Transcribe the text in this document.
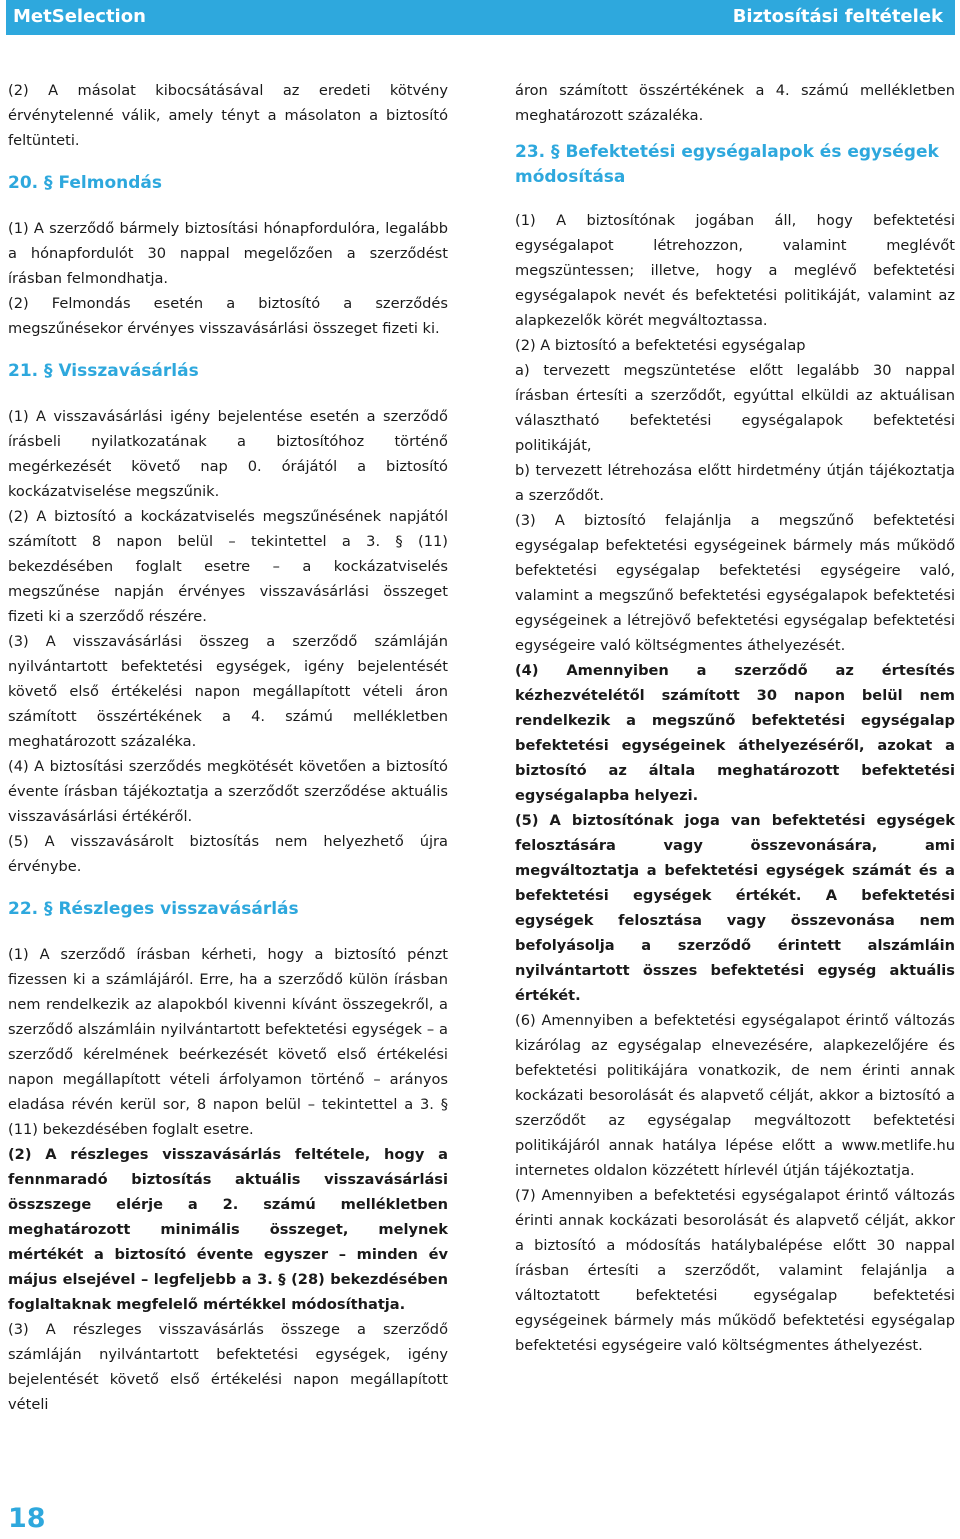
MetSelection	Biztosítási feltételek

(2) A másolat kibocsátásával az eredeti kötvény érvénytelenné válik, amely tényt a másolaton a biztosító feltünteti.

20. § Felmondás

(1) A szerződő bármely biztosítási hónapfordulóra, legalább a hónapfordulót 30 nappal megelőzően a szerződést írásban felmondhatja.

(2) Felmondás esetén a biztosító a szerződés megszűnésekor érvényes visszavásárlási összeget fizeti ki.

21. § Visszavásárlás

(1) A visszavásárlási igény bejelentése esetén a szerződő írásbeli nyilatkozatának a biztosítóhoz történő megérkezését követő nap 0. órájától a biztosító kockázatviselése megszűnik.

(2) A biztosító a kockázatviselés megszűnésének napjától számított 8 napon belül – tekintettel a 3. § (11) bekezdésében foglalt esetre – a kockázatviselés megszűnése napján érvényes visszavásárlási összeget fizeti ki a szerződő részére.

(3) A visszavásárlási összeg a szerződő számláján nyilvántartott befektetési egységek, igény bejelentését követő első értékelési napon megállapított vételi áron számított összértékének a 4. számú mellékletben meghatározott százaléka.

(4) A biztosítási szerződés megkötését követően a biztosító évente írásban tájékoztatja a szerződőt szerződése aktuális visszavásárlási értékéről.

(5) A visszavásárolt biztosítás nem helyezhető újra érvénybe.

22. § Részleges visszavásárlás

(1) A szerződő írásban kérheti, hogy a biztosító pénzt fizessen ki a számlájáról. Erre, ha a szerződő külön írásban nem rendelkezik az alapokból kivenni kívánt összegekről, a szerződő alszámláin nyilvántartott befektetési egységek – a szerződő kérelmének beérkezését követő első értékelési napon megállapított vételi árfolyamon történő – arányos eladása révén kerül sor, 8 napon belül – tekintettel a 3. § (11) bekezdésében foglalt esetre.

(2) A részleges visszavásárlás feltétele, hogy a fennmaradó biztosítás aktuális visszavásárlási összszege elérje a 2. számú mellékletben meghatározott minimális összeget, melynek mértékét a biztosító évente egyszer – minden év május elsejével – legfeljebb a 3. § (28) bekezdésében foglaltaknak megfelelő mértékkel módosíthatja.

(3) A részleges visszavásárlás összege a szerződő számláján nyilvántartott befektetési egységek, igény bejelentését követő első értékelési napon megállapított vételi

áron számított összértékének a 4. számú mellékletben meghatározott százaléka.

23. § Befektetési egységalapok és egységek módosítása

(1) A biztosítónak jogában áll, hogy befektetési egységalapot létrehozzon, valamint meglévőt megszüntessen; illetve, hogy a meglévő befektetési egységalapok nevét és befektetési politikáját, valamint az alapkezelők körét megváltoztassa.

(2) A biztosító a befektetési egységalap

a) tervezett megszüntetése előtt legalább 30 nappal írásban értesíti a szerződőt, egyúttal elküldi az aktuálisan választható befektetési egységalapok befektetési politikáját,

b) tervezett létrehozása előtt hirdetmény útján tájékoztatja a szerződőt.

(3) A biztosító felajánlja a megszűnő befektetési egységalap befektetési egységeinek bármely más működő befektetési egységalap befektetési egységeire való, valamint a megszűnő befektetési egységalapok befektetési egységeinek a létrejövő befektetési egységalap befektetési egységeire való költségmentes áthelyezését.

(4) Amennyiben a szerződő az értesítés kézhezvételétől számított 30 napon belül nem rendelkezik a megszűnő befektetési egységalap befektetési egységeinek áthelyezéséről, azokat a biztosító az általa meghatározott befektetési egységalapba helyezi.

(5) A biztosítónak joga van befektetési egységek felosztására vagy összevonására, ami megváltoztatja a befektetési egységek számát és a befektetési egységek értékét. A befektetési egységek felosztása vagy összevonása nem befolyásolja a szerződő érintett alszámláin nyilvántartott összes befektetési egység aktuális értékét.

(6) Amennyiben a befektetési egységalapot érintő változás kizárólag az egységalap elnevezésére, alapkezelőjére és befektetési politikájára vonatkozik, de nem érinti annak kockázati besorolását és alapvető célját, akkor a biztosító a szerződőt az egységalap megváltozott befektetési politikájáról annak hatálya lépése előtt a www.metlife.hu internetes oldalon közzétett hírlevél útján tájékoztatja.

(7) Amennyiben a befektetési egységalapot érintő változás érinti annak kockázati besorolását és alapvető célját, akkor a biztosító a módosítás hatálybalépése előtt 30 nappal írásban értesíti a szerződőt, valamint felajánlja a változtatott befektetési egységalap befektetési egységeinek bármely más működő befektetési egységalap befektetési egységeire való költségmentes áthelyezést.

18
